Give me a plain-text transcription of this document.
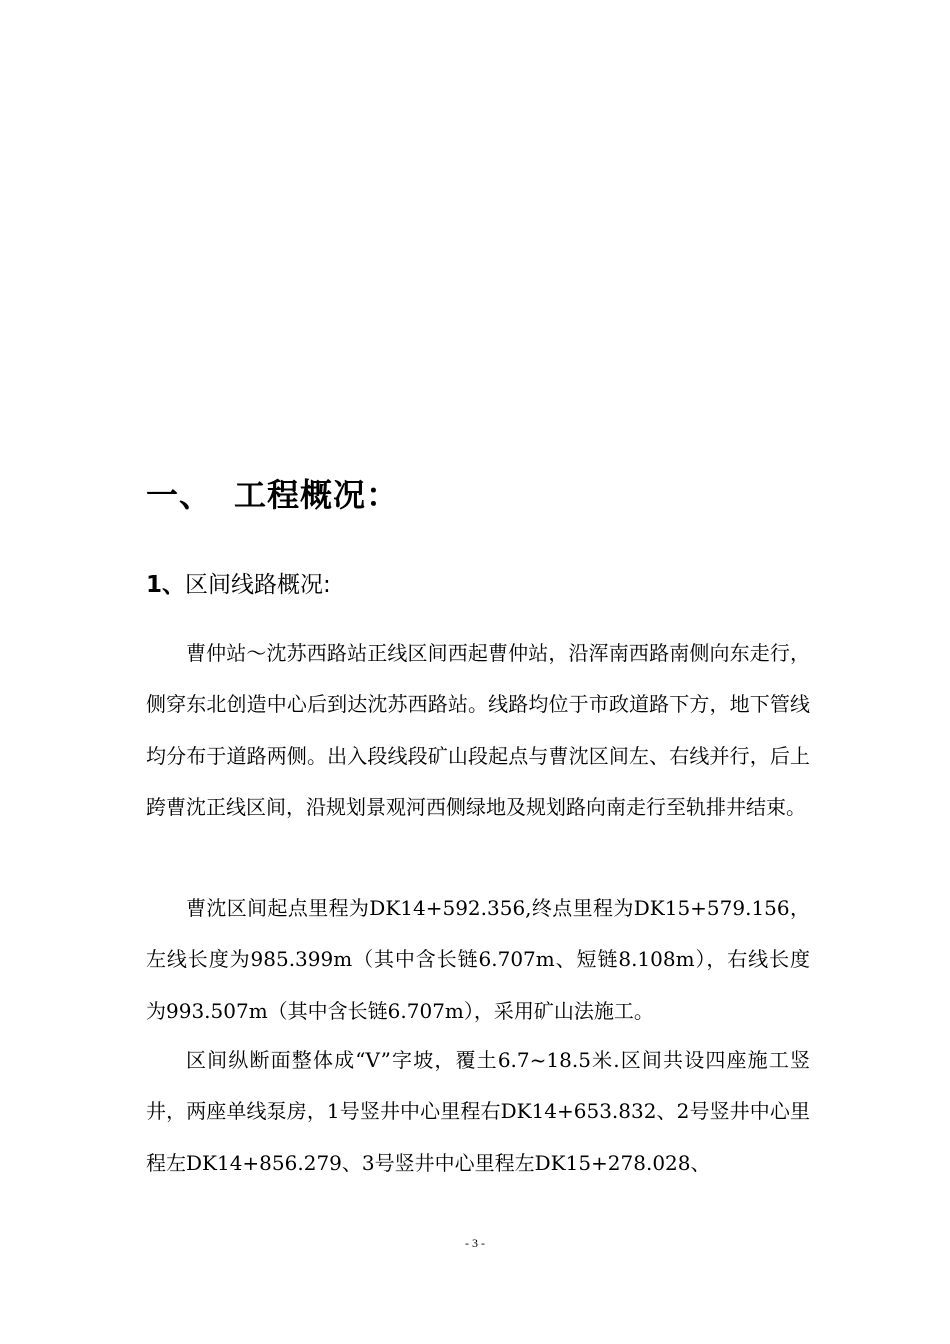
一、 工程概况：
1、区间线路概况:

曹仲站～沈苏西路站正线区间西起曹仲站，沿浑南西路南侧向东走行，侧穿东北创造中心后到达沈苏西路站。线路均位于市政道路下方，地下管线均分布于道路两侧。出入段线段矿山段起点与曹沈区间左、右线并行，后上跨曹沈正线区间，沿规划景观河西侧绿地及规划路向南走行至轨排井结束。

曹沈区间起点里程为DK14+592.356,终点里程为DK15+579.156，左线长度为985.399m（其中含长链6.707m、短链8.108m），右线长度为993.507m（其中含长链6.707m），采用矿山法施工。

区间纵断面整体成“V”字坡，覆土6.7~18.5米.区间共设四座施工竖井，两座单线泵房，1号竖井中心里程右DK14+653.832、2号竖井中心里程左DK14+856.279、3号竖井中心里程左DK15+278.028、

- 3 -
